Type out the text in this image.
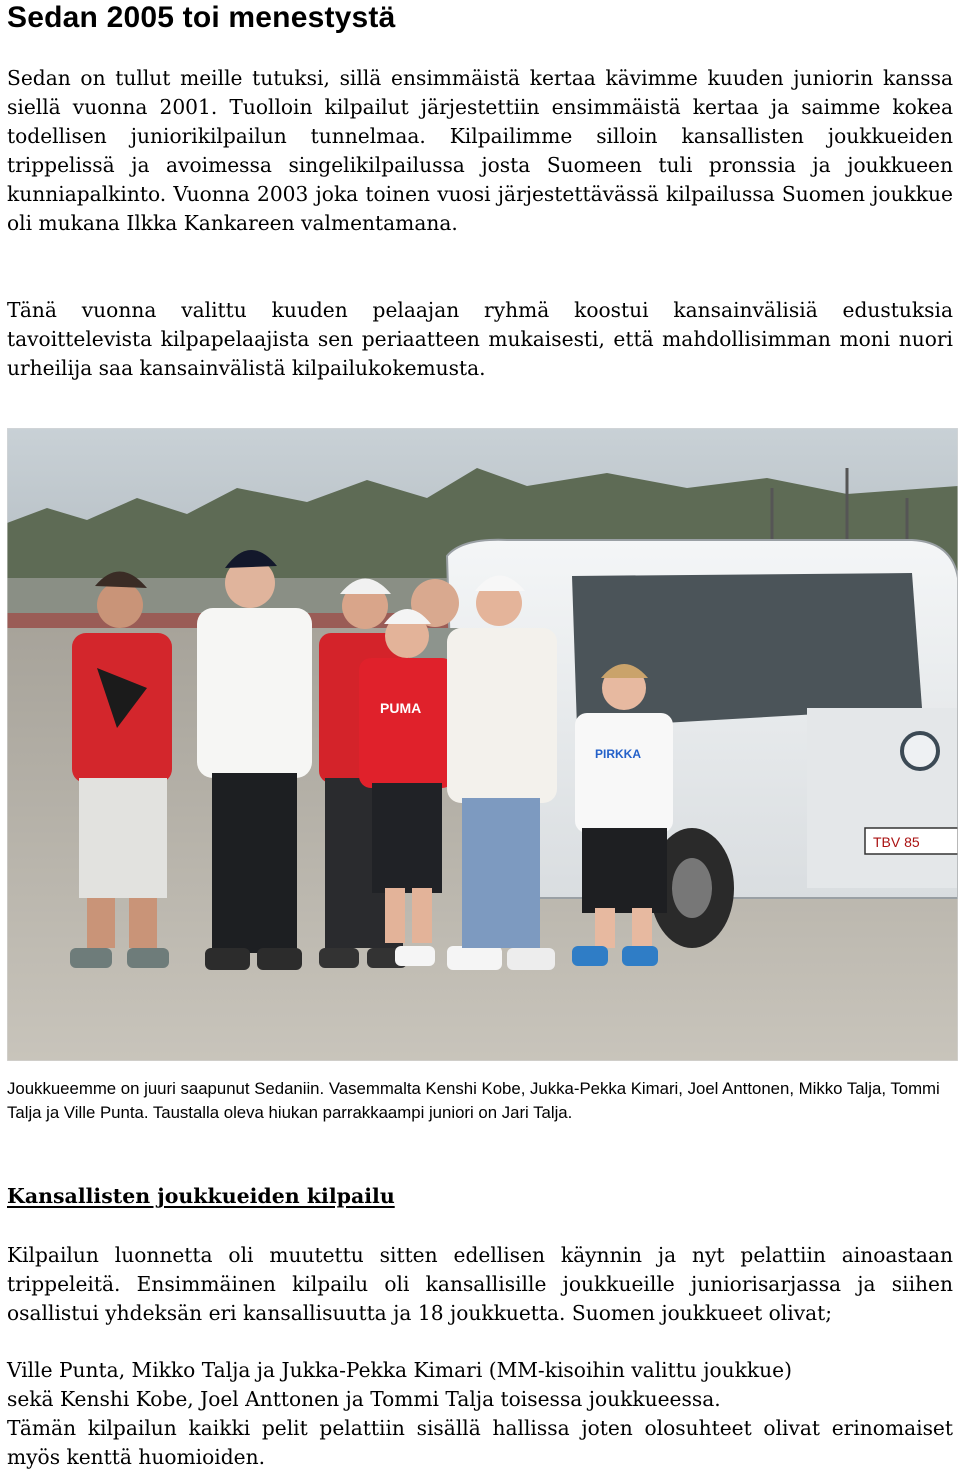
Sedan 2005 toi menestystä

Sedan on tullut meille tutuksi, sillä ensimmäistä kertaa kävimme kuuden juniorin kanssa siellä vuonna 2001. Tuolloin kilpailut järjestettiin ensimmäistä kertaa ja saimme kokea todellisen juniorikilpailun tunnelmaa. Kilpailimme silloin kansallisten joukkueiden trippelissä ja avoimessa singelikilpailussa josta Suomeen tuli pronssia ja joukkueen kunniapalkinto. Vuonna 2003 joka toinen vuosi järjestettävässä kilpailussa Suomen joukkue oli mukana Ilkka Kankareen valmentamana.

Tänä vuonna valittu kuuden pelaajan ryhmä koostui kansainvälisiä edustuksia tavoittelevista kilpapelaajista sen periaatteen mukaisesti, että mahdollisimman moni nuori urheilija saa kansainvälistä kilpailukokemusta.

TBV 85
PUMA
PIRKKA

Joukkueemme on juuri saapunut Sedaniin. Vasemmalta Kenshi Kobe, Jukka-Pekka Kimari, Joel Anttonen, Mikko Talja, Tommi Talja ja Ville Punta. Taustalla oleva hiukan parrakkaampi juniori on Jari Talja.

Kansallisten joukkueiden kilpailu

Kilpailun luonnetta oli muutettu sitten edellisen käynnin ja nyt pelattiin ainoastaan trippeleitä. Ensimmäinen kilpailu oli kansallisille joukkueille juniorisarjassa ja siihen osallistui yhdeksän eri kansallisuutta ja 18 joukkuetta. Suomen joukkueet olivat;

Ville Punta, Mikko Talja ja Jukka-Pekka Kimari (MM-kisoihin valittu joukkue)

sekä Kenshi Kobe, Joel Anttonen ja Tommi Talja toisessa joukkueessa.

Tämän kilpailun kaikki pelit pelattiin sisällä hallissa joten olosuhteet olivat erinomaiset myös kenttä huomioiden.
